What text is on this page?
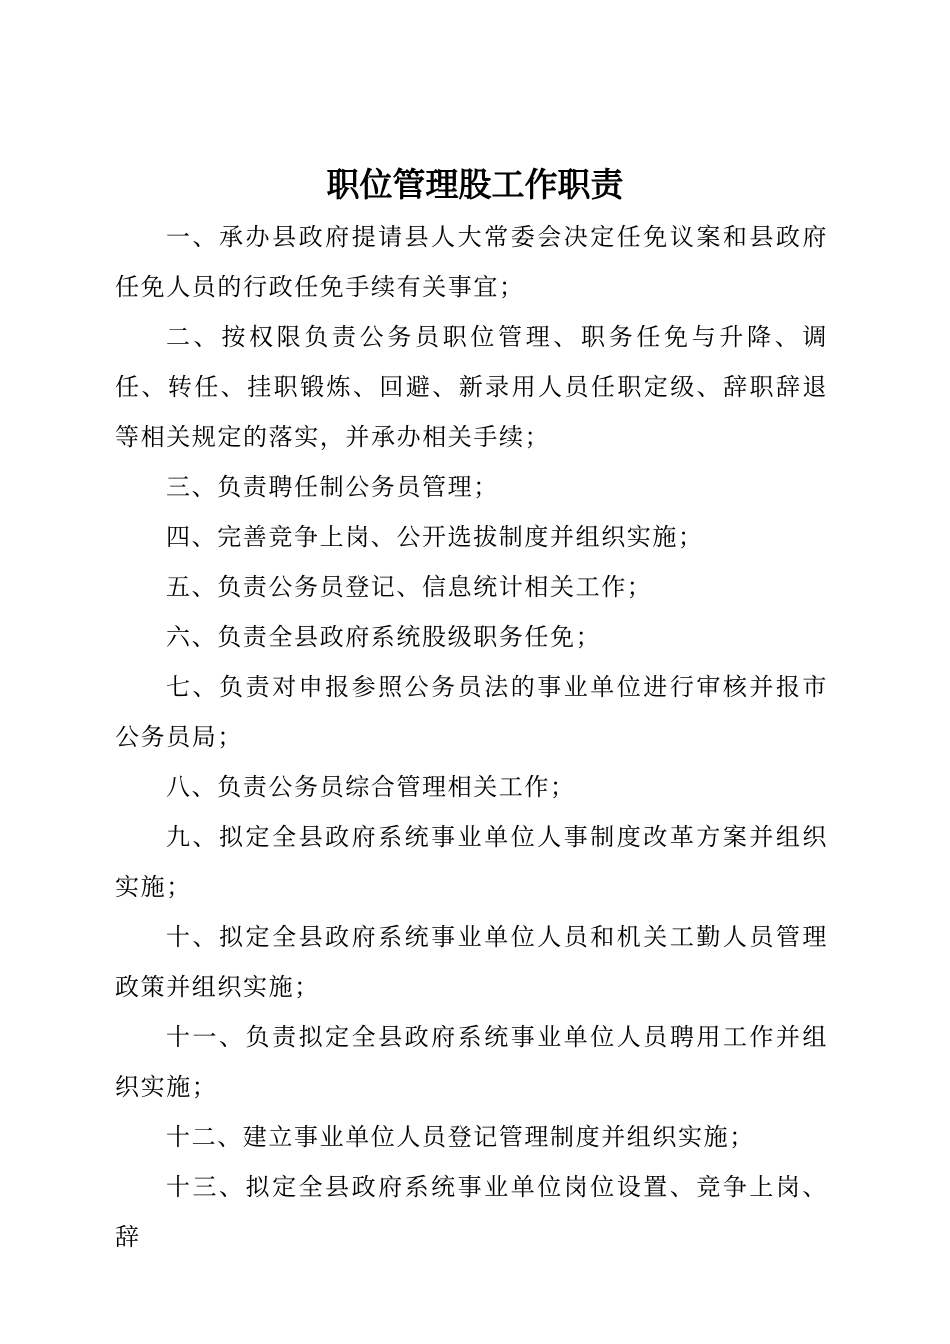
职位管理股工作职责

一、承办县政府提请县人大常委会决定任免议案和县政府任免人员的行政任免手续有关事宜；

二、按权限负责公务员职位管理、职务任免与升降、调任、转任、挂职锻炼、回避、新录用人员任职定级、辞职辞退等相关规定的落实，并承办相关手续；

三、负责聘任制公务员管理；

四、完善竞争上岗、公开选拔制度并组织实施；

五、负责公务员登记、信息统计相关工作；

六、负责全县政府系统股级职务任免；

七、负责对申报参照公务员法的事业单位进行审核并报市公务员局；

八、负责公务员综合管理相关工作；

九、拟定全县政府系统事业单位人事制度改革方案并组织实施；

十、拟定全县政府系统事业单位人员和机关工勤人员管理政策并组织实施；

十一、负责拟定全县政府系统事业单位人员聘用工作并组织实施；

十二、建立事业单位人员登记管理制度并组织实施；

十三、拟定全县政府系统事业单位岗位设置、竞争上岗、辞
